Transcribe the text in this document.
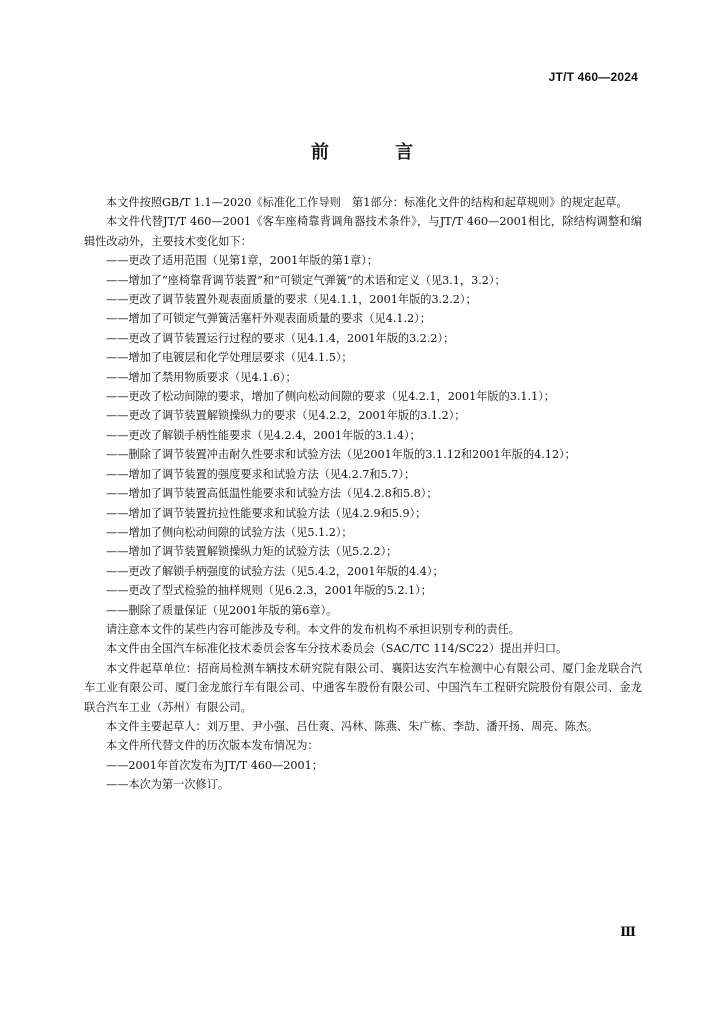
JT/T 460—2024
前 言

本文件按照GB/T 1.1—2020《标准化工作导则　第1部分：标准化文件的结构和起草规则》的规定起草。

本文件代替JT/T 460—2001《客车座椅靠背调角器技术条件》，与JT/T 460—2001相比，除结构调整和编辑性改动外，主要技术变化如下：

——更改了适用范围（见第1章，2001年版的第1章）；

——增加了“座椅靠背调节装置”和“可锁定气弹簧”的术语和定义（见3.1，3.2）；

——更改了调节装置外观表面质量的要求（见4.1.1，2001年版的3.2.2）；

——增加了可锁定气弹簧活塞杆外观表面质量的要求（见4.1.2）；

——更改了调节装置运行过程的要求（见4.1.4，2001年版的3.2.2）；

——增加了电镀层和化学处理层要求（见4.1.5）；

——增加了禁用物质要求（见4.1.6）；

——更改了松动间隙的要求，增加了侧向松动间隙的要求（见4.2.1，2001年版的3.1.1）；

——更改了调节装置解锁操纵力的要求（见4.2.2，2001年版的3.1.2）；

——更改了解锁手柄性能要求（见4.2.4，2001年版的3.1.4）；

——删除了调节装置冲击耐久性要求和试验方法（见2001年版的3.1.12和2001年版的4.12）；

——增加了调节装置的强度要求和试验方法（见4.2.7和5.7）；

——增加了调节装置高低温性能要求和试验方法（见4.2.8和5.8）；

——增加了调节装置抗拉性能要求和试验方法（见4.2.9和5.9）；

——增加了侧向松动间隙的试验方法（见5.1.2）；

——增加了调节装置解锁操纵力矩的试验方法（见5.2.2）；

——更改了解锁手柄强度的试验方法（见5.4.2，2001年版的4.4）；

——更改了型式检验的抽样规则（见6.2.3，2001年版的5.2.1）；

——删除了质量保证（见2001年版的第6章）。

请注意本文件的某些内容可能涉及专利。本文件的发布机构不承担识别专利的责任。

本文件由全国汽车标准化技术委员会客车分技术委员会（SAC/TC 114/SC22）提出并归口。

本文件起草单位：招商局检测车辆技术研究院有限公司、襄阳达安汽车检测中心有限公司、厦门金龙联合汽车工业有限公司、厦门金龙旅行车有限公司、中通客车股份有限公司、中国汽车工程研究院股份有限公司、金龙联合汽车工业（苏州）有限公司。

本文件主要起草人：刘万里、尹小强、吕仕爽、冯林、陈燕、朱广栋、李劼、潘开扬、周亮、陈杰。

本文件所代替文件的历次版本发布情况为：

——2001年首次发布为JT/T 460—2001；

——本次为第一次修订。

Ⅲ
